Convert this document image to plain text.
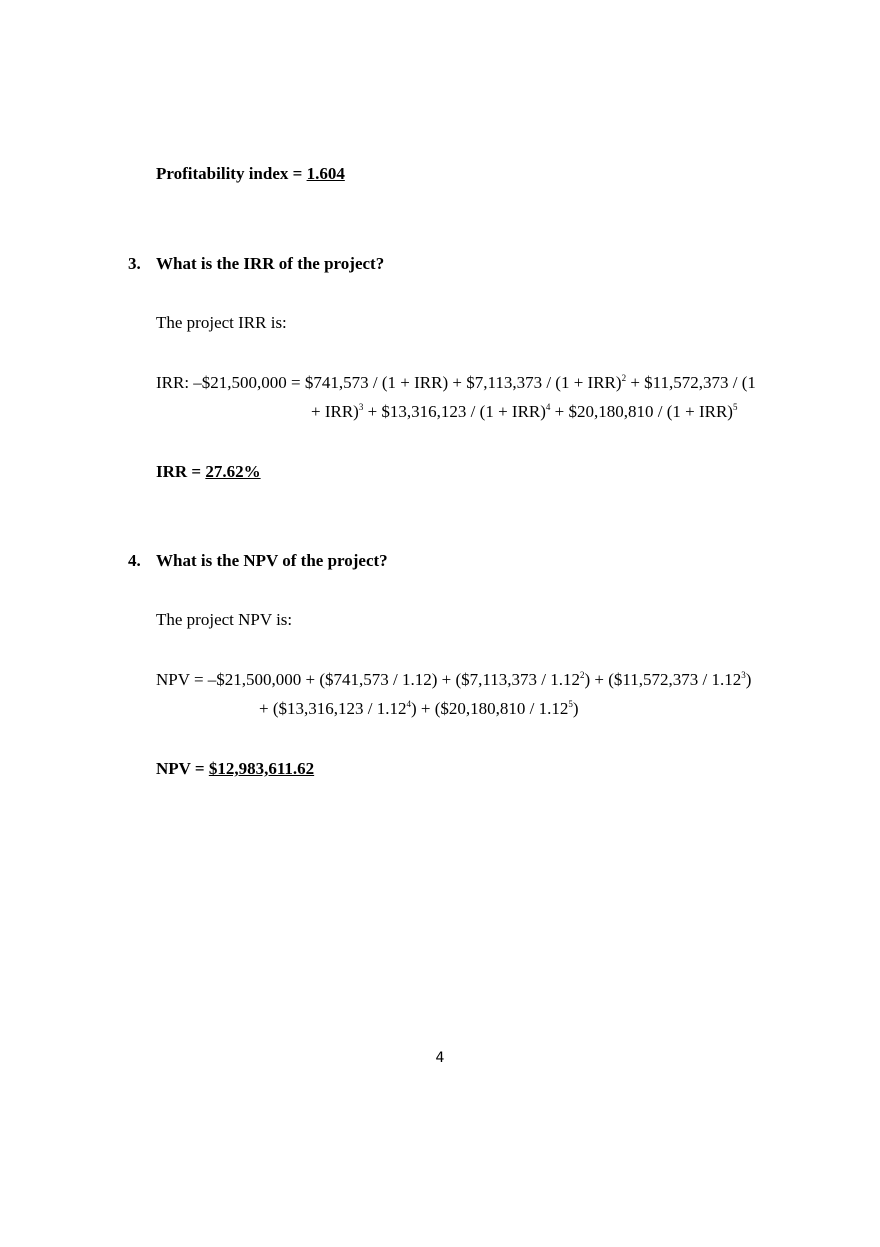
Profitability index = 1.604
3. What is the IRR of the project?
The project IRR is:
IRR: –$21,500,000 = $741,573 / (1 + IRR) + $7,113,373 / (1 + IRR)$^2$ + $11,572,373 / (1
+ IRR)$^3$ + $13,316,123 / (1 + IRR)$^4$ + $20,180,810 / (1 + IRR)$^5$
IRR = 27.62%
4. What is the NPV of the project?
The project NPV is:
NPV = –$21,500,000 + ($741,573 / 1.12) + ($7,113,373 / $1.12^2$) + ($11,572,373 / $1.12^3$)
+ ($13,316,123 / $1.12^4$) + ($20,180,810 / 1.12$^5$)
NPV = $12,983,611.62
4
